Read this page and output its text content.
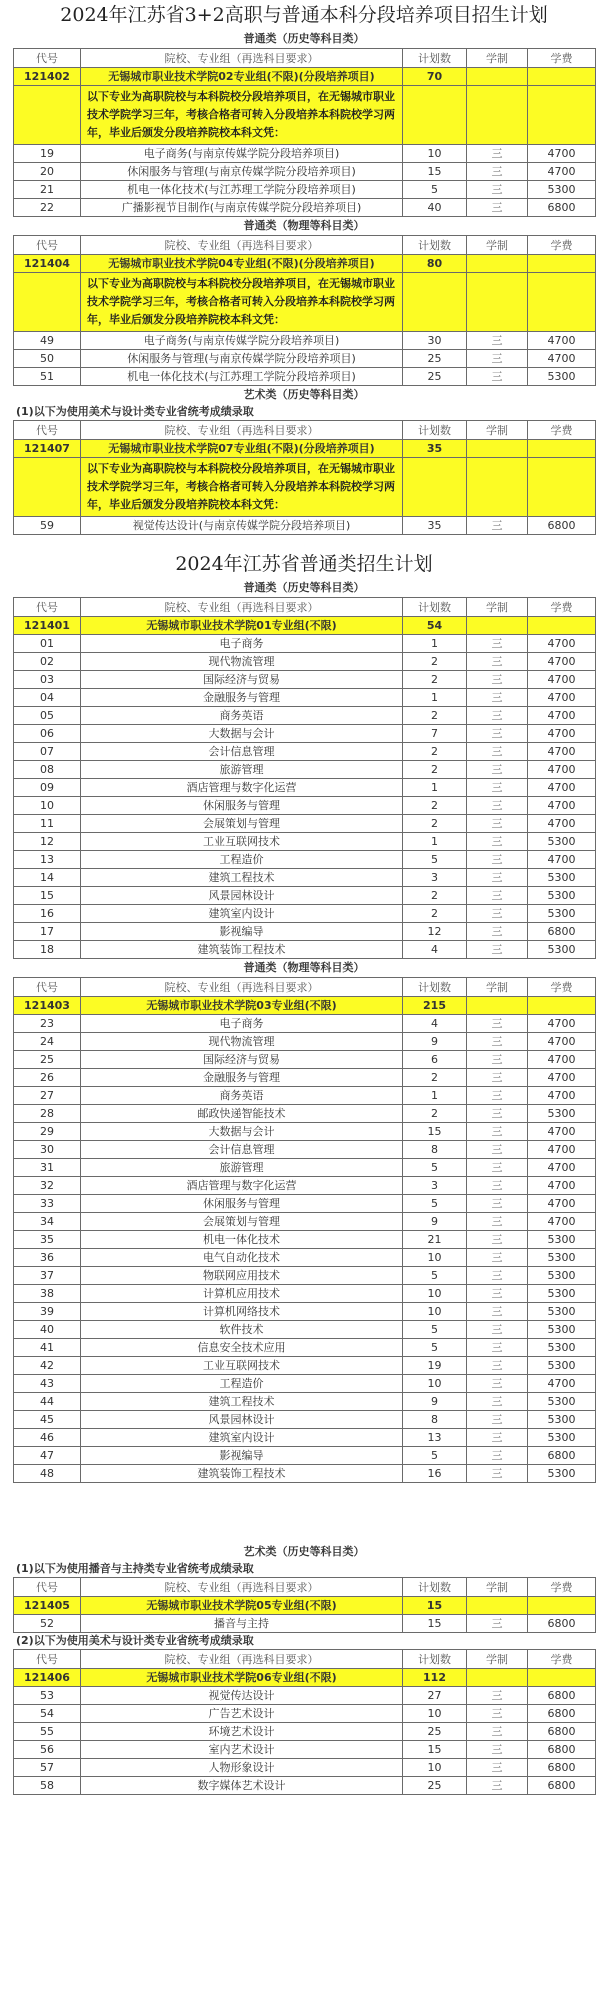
2024年江苏省3+2高职与普通本科分段培养项目招生计划
普通类（历史等科目类）
代号	院校、专业组（再选科目要求）	计划数	学制	学费
121402	无锡城市职业技术学院02专业组(不限)(分段培养项目)	70		
	以下专业为高职院校与本科院校分段培养项目，在无锡城市职业技术学院学习三年，考核合格者可转入分段培养本科院校学习两年，毕业后颁发分段培养院校本科文凭：			
19	电子商务(与南京传媒学院分段培养项目)	10	三	4700
20	休闲服务与管理(与南京传媒学院分段培养项目)	15	三	4700
21	机电一体化技术(与江苏理工学院分段培养项目)	5	三	5300
22	广播影视节目制作(与南京传媒学院分段培养项目)	40	三	6800
普通类（物理等科目类）
代号	院校、专业组（再选科目要求）	计划数	学制	学费
121404	无锡城市职业技术学院04专业组(不限)(分段培养项目)	80		
	以下专业为高职院校与本科院校分段培养项目，在无锡城市职业技术学院学习三年，考核合格者可转入分段培养本科院校学习两年，毕业后颁发分段培养院校本科文凭：			
49	电子商务(与南京传媒学院分段培养项目)	30	三	4700
50	休闲服务与管理(与南京传媒学院分段培养项目)	25	三	4700
51	机电一体化技术(与江苏理工学院分段培养项目)	25	三	5300
艺术类（历史等科目类）
(1)以下为使用美术与设计类专业省统考成绩录取
代号	院校、专业组（再选科目要求）	计划数	学制	学费
121407	无锡城市职业技术学院07专业组(不限)(分段培养项目)	35		
	以下专业为高职院校与本科院校分段培养项目，在无锡城市职业技术学院学习三年，考核合格者可转入分段培养本科院校学习两年，毕业后颁发分段培养院校本科文凭：			
59	视觉传达设计(与南京传媒学院分段培养项目)	35	三	6800
2024年江苏省普通类招生计划
普通类（历史等科目类）
代号	院校、专业组（再选科目要求）	计划数	学制	学费
121401	无锡城市职业技术学院01专业组(不限)	54		
01	电子商务	1	三	4700
02	现代物流管理	2	三	4700
03	国际经济与贸易	2	三	4700
04	金融服务与管理	1	三	4700
05	商务英语	2	三	4700
06	大数据与会计	7	三	4700
07	会计信息管理	2	三	4700
08	旅游管理	2	三	4700
09	酒店管理与数字化运营	1	三	4700
10	休闲服务与管理	2	三	4700
11	会展策划与管理	2	三	4700
12	工业互联网技术	1	三	5300
13	工程造价	5	三	4700
14	建筑工程技术	3	三	5300
15	风景园林设计	2	三	5300
16	建筑室内设计	2	三	5300
17	影视编导	12	三	6800
18	建筑装饰工程技术	4	三	5300
普通类（物理等科目类）
代号	院校、专业组（再选科目要求）	计划数	学制	学费
121403	无锡城市职业技术学院03专业组(不限)	215		
23	电子商务	4	三	4700
24	现代物流管理	9	三	4700
25	国际经济与贸易	6	三	4700
26	金融服务与管理	2	三	4700
27	商务英语	1	三	4700
28	邮政快递智能技术	2	三	5300
29	大数据与会计	15	三	4700
30	会计信息管理	8	三	4700
31	旅游管理	5	三	4700
32	酒店管理与数字化运营	3	三	4700
33	休闲服务与管理	5	三	4700
34	会展策划与管理	9	三	4700
35	机电一体化技术	21	三	5300
36	电气自动化技术	10	三	5300
37	物联网应用技术	5	三	5300
38	计算机应用技术	10	三	5300
39	计算机网络技术	10	三	5300
40	软件技术	5	三	5300
41	信息安全技术应用	5	三	5300
42	工业互联网技术	19	三	5300
43	工程造价	10	三	4700
44	建筑工程技术	9	三	5300
45	风景园林设计	8	三	5300
46	建筑室内设计	13	三	5300
47	影视编导	5	三	6800
48	建筑装饰工程技术	16	三	5300
艺术类（历史等科目类）
(1)以下为使用播音与主持类专业省统考成绩录取
代号	院校、专业组（再选科目要求）	计划数	学制	学费
121405	无锡城市职业技术学院05专业组(不限)	15		
52	播音与主持	15	三	6800
(2)以下为使用美术与设计类专业省统考成绩录取
代号	院校、专业组（再选科目要求）	计划数	学制	学费
121406	无锡城市职业技术学院06专业组(不限)	112		
53	视觉传达设计	27	三	6800
54	广告艺术设计	10	三	6800
55	环境艺术设计	25	三	6800
56	室内艺术设计	15	三	6800
57	人物形象设计	10	三	6800
58	数字媒体艺术设计	25	三	6800
